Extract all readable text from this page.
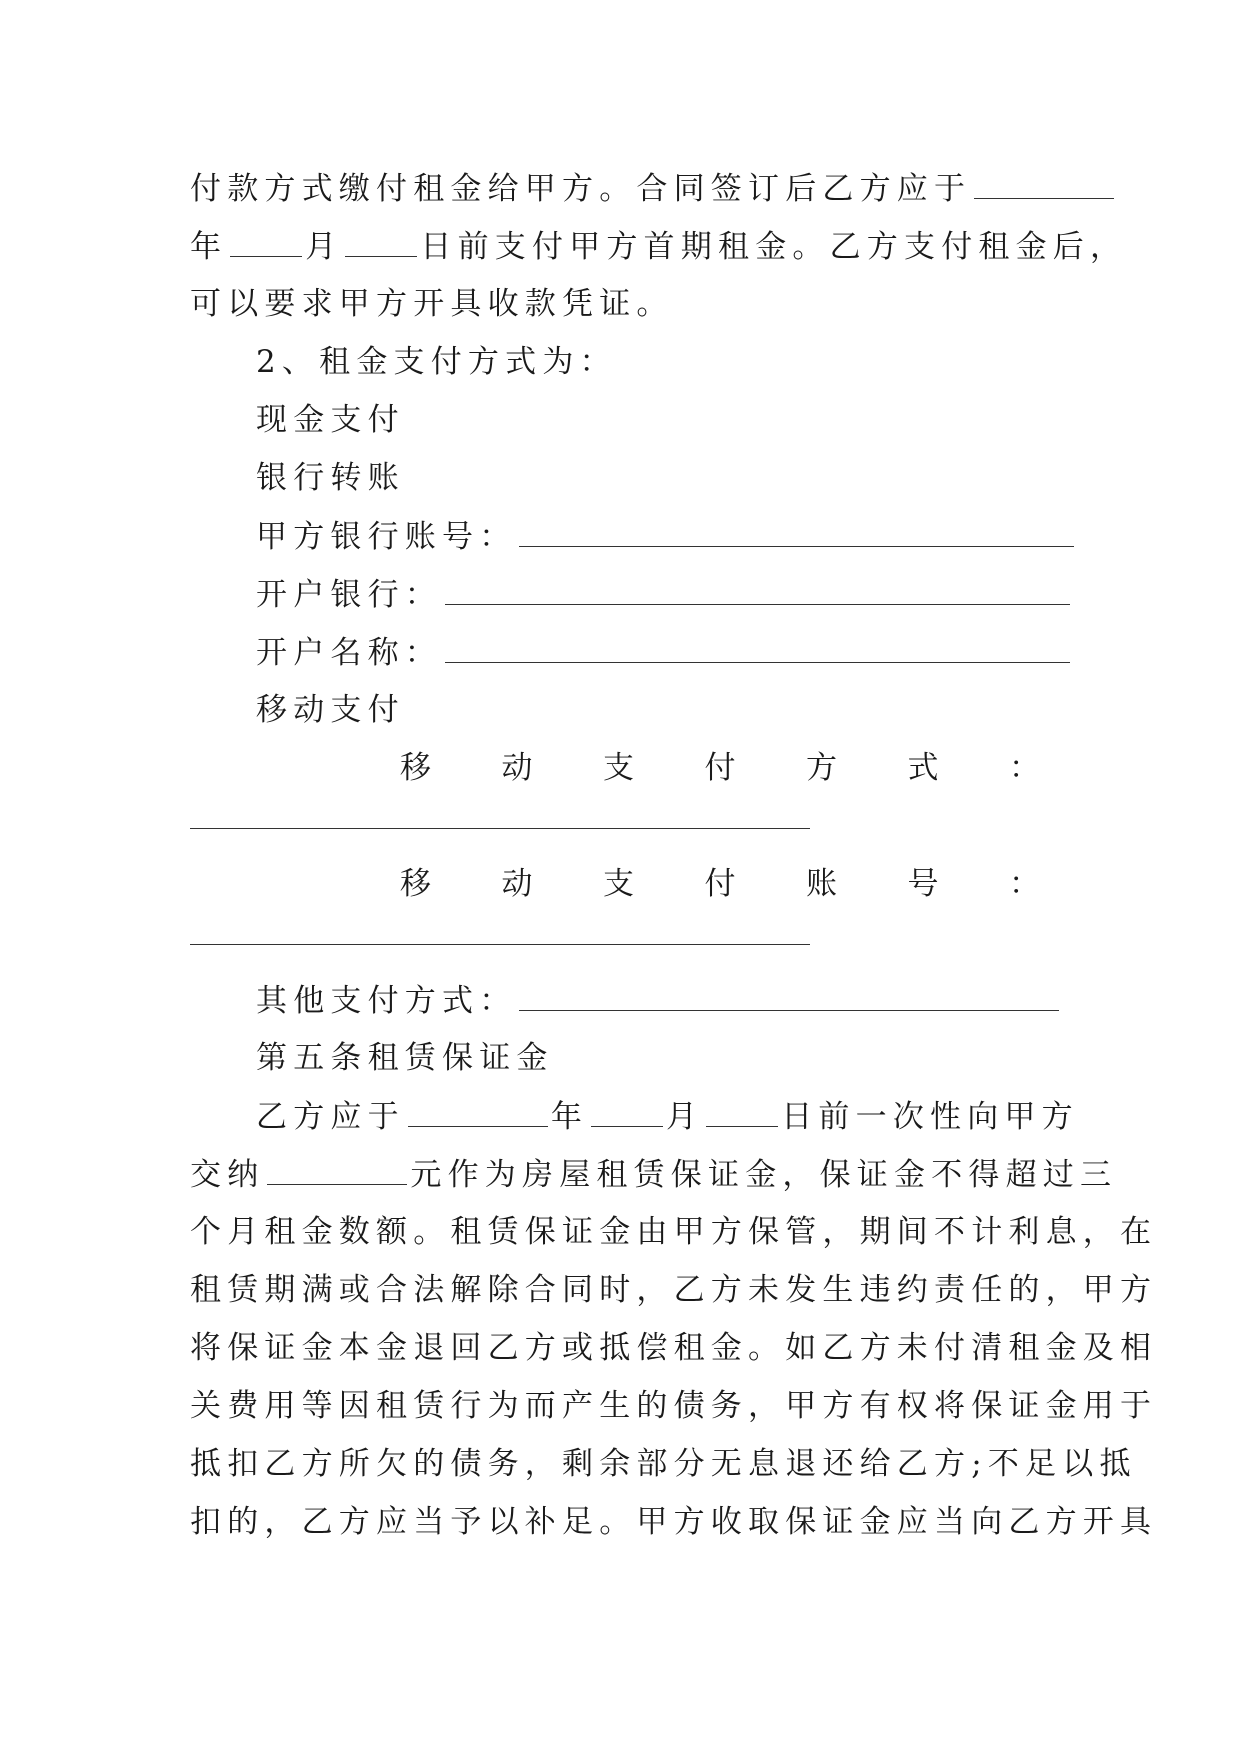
付款方式缴付租金给甲方。合同签订后乙方应于
年	月	日前支付甲方首期租金。乙方支付租金后，
可以要求甲方开具收款凭证。
2、租金支付方式为：
现金支付
银行转账
甲方银行账号：
开户银行：
开户名称：
移动支付
移 动 支 付 方 式 ：
移 动 支 付 账 号 ：
其他支付方式：
第五条租赁保证金
乙方应于	年	月	日前一次性向甲方
交纳	元作为房屋租赁保证金，保证金不得超过三
个月租金数额。租赁保证金由甲方保管，期间不计利息，在
租赁期满或合法解除合同时，乙方未发生违约责任的，甲方
将保证金本金退回乙方或抵偿租金。如乙方未付清租金及相
关费用等因租赁行为而产生的债务，甲方有权将保证金用于
抵扣乙方所欠的债务，剩余部分无息退还给乙方;不足以抵
扣的，乙方应当予以补足。甲方收取保证金应当向乙方开具
